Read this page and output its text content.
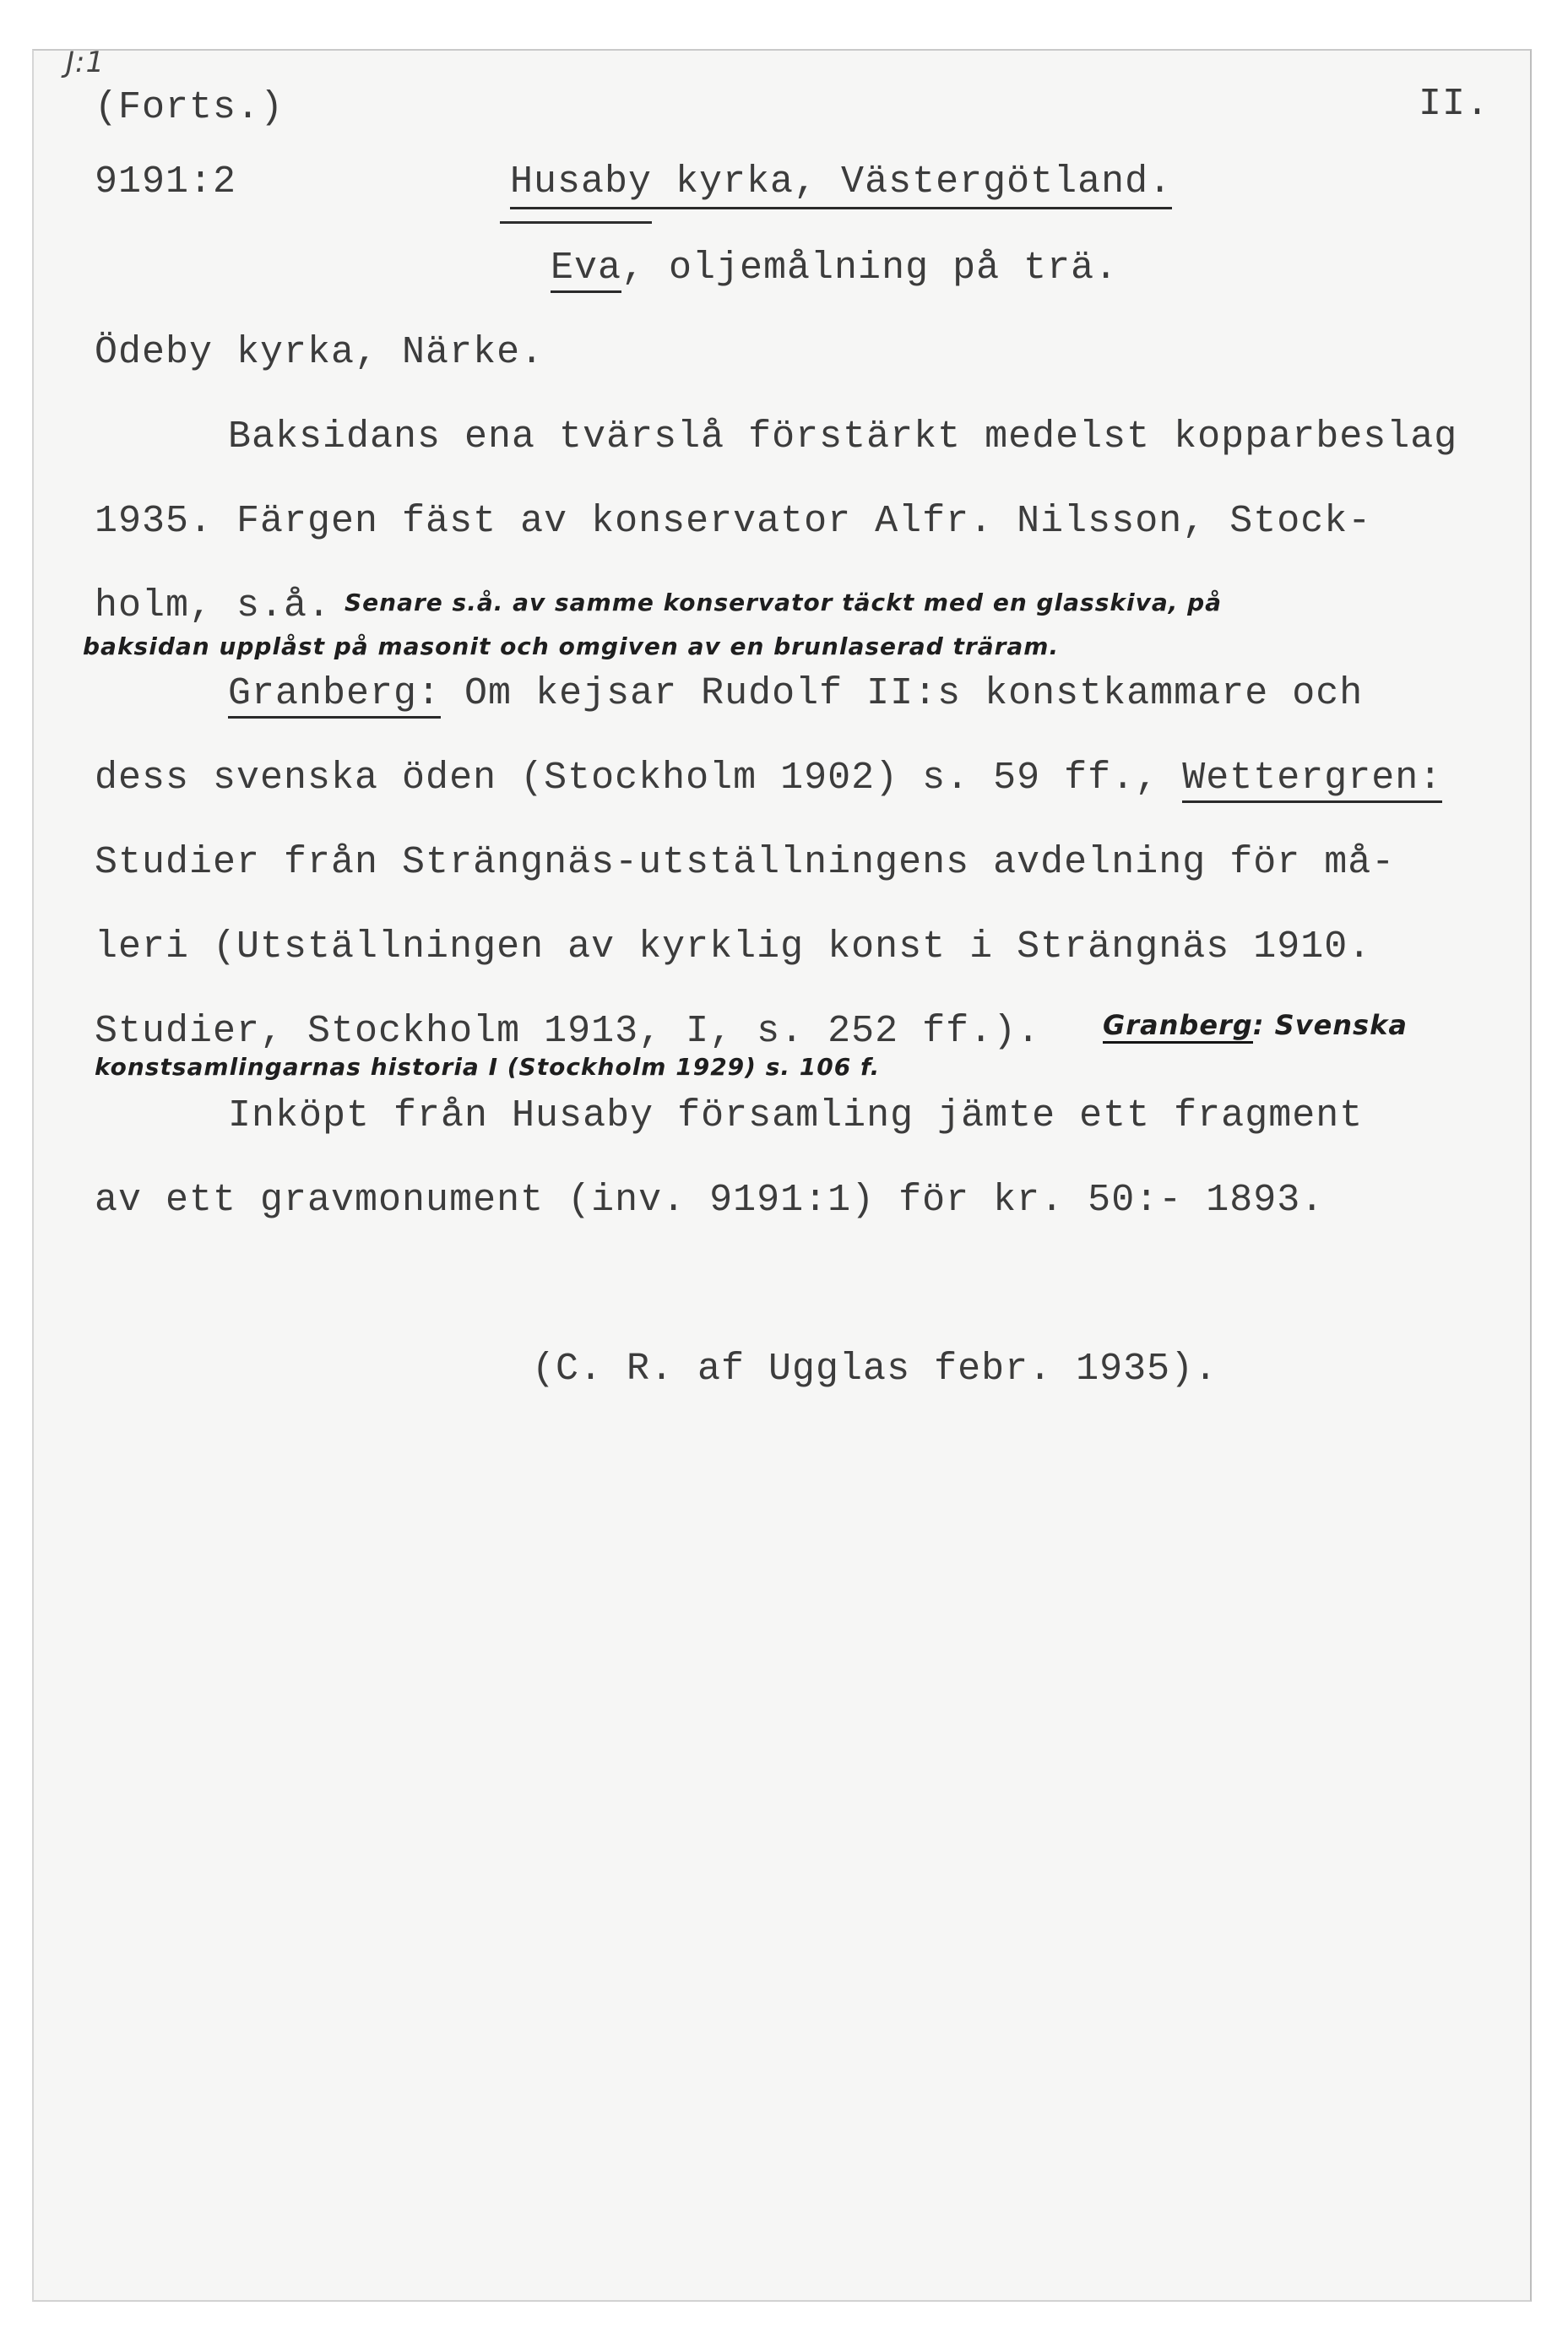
J:1

(Forts.)	II.

9191:2	Husaby kyrka, Västergötland.

Eva, oljemålning på trä.

Ödeby kyrka, Närke.

Baksidans ena tvärslå förstärkt medelst kopparbeslag

1935. Färgen fäst av konservator Alfr. Nilsson, Stock-

holm, s.å. Senare s.å. av samme konservator täckt med en glasskiva, på

baksidan upplåst på masonit och omgiven av en brunlaserad träram.

Granberg: Om kejsar Rudolf II:s konstkammare och

dess svenska öden (Stockholm 1902) s. 59 ff., Wettergren:

Studier från Strängnäs-utställningens avdelning för må-

leri (Utställningen av kyrklig konst i Strängnäs 1910.

Studier, Stockholm 1913, I, s. 252 ff.). Granberg: Svenska

konstsamlingarnas historia I (Stockholm 1929) s. 106 f.

Inköpt från Husaby församling jämte ett fragment

av ett gravmonument (inv. 9191:1) för kr. 50:- 1893.

(C. R. af Ugglas febr. 1935).
